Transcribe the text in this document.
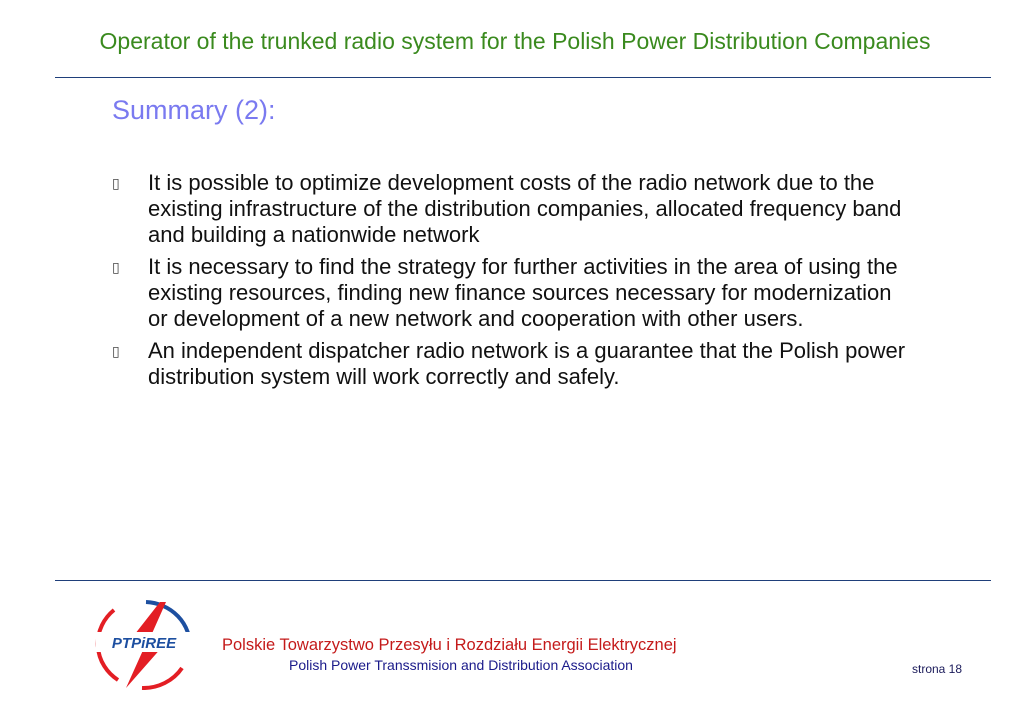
Operator of the trunked radio system for the Polish Power Distribution Companies
Summary (2):
▯	It is possible to optimize development costs of the radio network due to the existing infrastructure of the distribution companies, allocated frequency band and building a nationwide network
▯	It is necessary to find the strategy for further activities in the area of using the existing resources, finding new finance sources necessary for modernization or development of a new network and cooperation with other users.
▯	An independent dispatcher radio network is a guarantee that the Polish power distribution system will work correctly and safely.
PTPiREE	Polskie Towarzystwo Przesyłu i Rozdziału Energii Elektrycznej
Polish Power Transsmision and Distribution Association	strona 18
